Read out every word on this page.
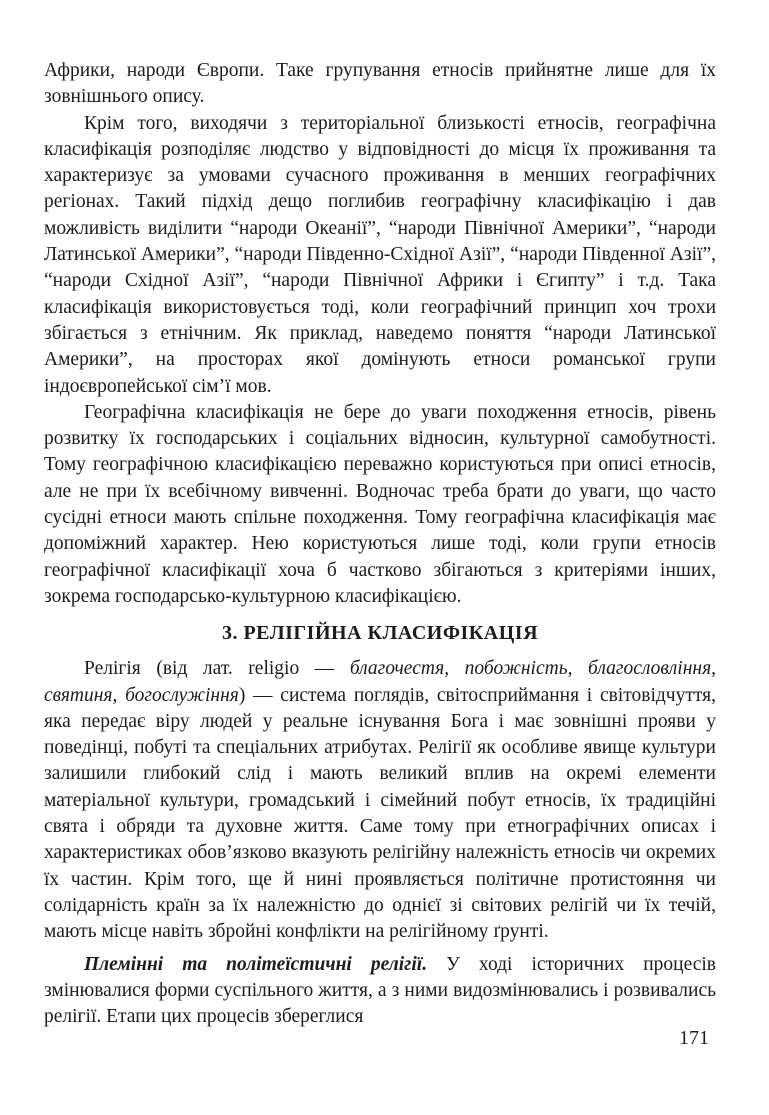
Африки, народи Європи. Таке групування етносів прийнятне лише для їх зовнішнього опису.

Крім того, виходячи з територіальної близькості етносів, географічна класифікація розподіляє людство у відповідності до місця їх проживання та характеризує за умовами сучасного проживання в менших географічних регіонах. Такий підхід дещо поглибив географічну класифікацію і дав можливість виділити “народи Океанії”, “народи Північної Америки”, “народи Латинської Америки”, “народи Південно-Східної Азії”, “народи Південної Азії”, “народи Східної Азії”, “народи Північної Африки і Єгипту” і т.д. Така класифікація використовується тоді, коли географічний принцип хоч трохи збігається з етнічним. Як приклад, наведемо поняття “народи Латинської Америки”, на просторах якої домінують етноси романської групи індоєвропейської сім’ї мов.

Географічна класифікація не бере до уваги походження етносів, рівень розвитку їх господарських і соціальних відносин, культурної самобутності. Тому географічною класифікацією переважно користуються при описі етносів, але не при їх всебічному вивченні. Водночас треба брати до уваги, що часто сусідні етноси мають спільне походження. Тому географічна класифікація має допоміжний характер. Нею користуються лише тоді, коли групи етносів географічної класифікації хоча б частково збігаються з критеріями інших, зокрема господарсько-культурною класифікацією.

3. РЕЛІГІЙНА КЛАСИФІКАЦІЯ

Релігія (від лат. religio — благочестя, побожність, благословління, святиня, богослужіння) — система поглядів, світосприймання і світовідчуття, яка передає віру людей у реальне існування Бога і має зовнішні прояви у поведінці, побуті та спеціальних атрибутах. Релігії як особливе явище культури залишили глибокий слід і мають великий вплив на окремі елементи матеріальної культури, громадський і сімейний побут етносів, їх традиційні свята і обряди та духовне життя. Саме тому при етнографічних описах і характеристиках обов’язково вказують релігійну належність етносів чи окремих їх частин. Крім того, ще й нині проявляється політичне протистояння чи солідарність країн за їх належністю до однієї зі світових релігій чи їх течій, мають місце навіть збройні конфлікти на релігійному ґрунті.

Племінні та політеїстичні релігії. У ході історичних процесів змінювалися форми суспільного життя, а з ними видозмінювались і розвивались релігії. Етапи цих процесів збереглися

171
